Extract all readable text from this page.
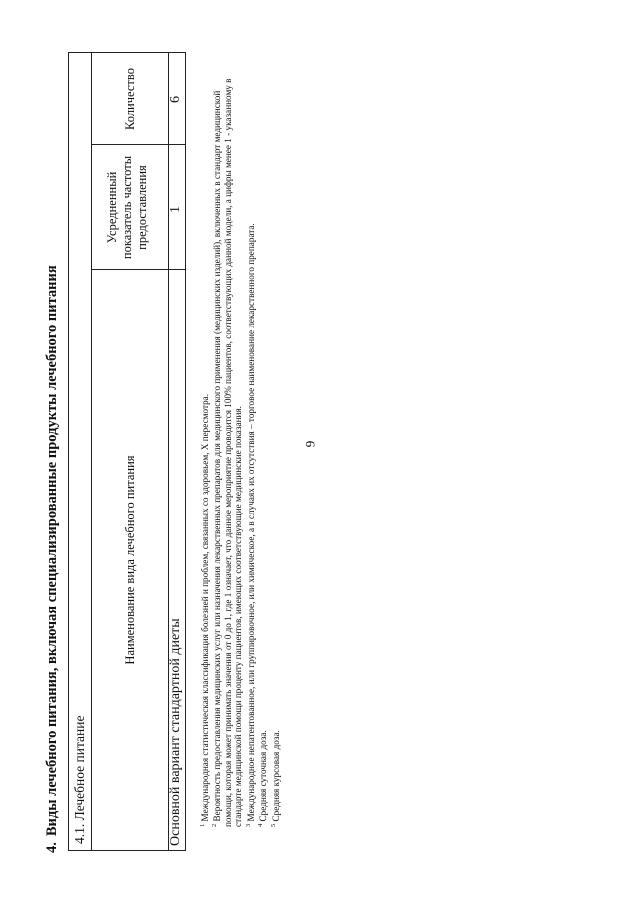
9
4.Виды лечебного питания, включая специализированные продукты лечебного питания 4.1. Лечебное питание
Наименование вида лечебного питания
Усредненный показатель частоты предоставления
Количество
Основной вариант стандартной диеты
1
6

$^1$ Международная статистическая классификация болезней и проблем, связанных со здоровьем, X пересмотра.

$^2$ Вероятность предоставления медицинских услуг или назначения лекарственных препаратов для медицинского применения (медицинских изделий), включенных в стандарт медицинской помощи, которая может принимать значения от 0 до 1, где 1 означает, что данное мероприятие проводится 100% пациентов, соответствующих данной модели, а цифры менее 1 - указанному в стандарте медицинской помощи проценту пациентов, имеющих соответствующие медицинские показания. $^3$ Международное непатентованное, или группировочное, или химическое, а в случаях их отсутствия – торговое наименование лекарственного препарата.

$^4$ Средняя суточная доза.

$^5$ Средняя курсовая доза.
